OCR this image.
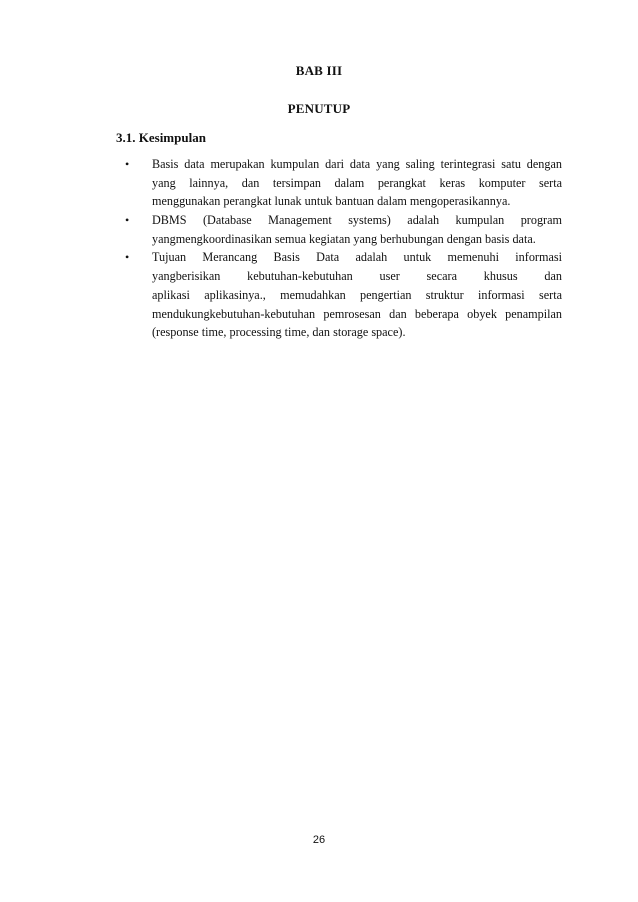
BAB III
PENUTUP
3.1. Kesimpulan
• Basis data merupakan kumpulan dari data yang saling terintegrasi satu dengan
yang lainnya, dan tersimpan dalam perangkat keras komputer serta
menggunakan perangkat lunak untuk bantuan dalam mengoperasikannya.
• DBMS (Database Management systems) adalah kumpulan program
yangmengkoordinasikan semua kegiatan yang berhubungan dengan basis data.
• Tujuan Merancang Basis Data adalah untuk memenuhi informasi
yangberisikan kebutuhan-kebutuhan user secara khusus dan
aplikasi aplikasinya., memudahkan pengertian struktur informasi serta
mendukungkebutuhan-kebutuhan pemrosesan dan beberapa obyek penampilan
(response time, processing time, dan storage space).
26
